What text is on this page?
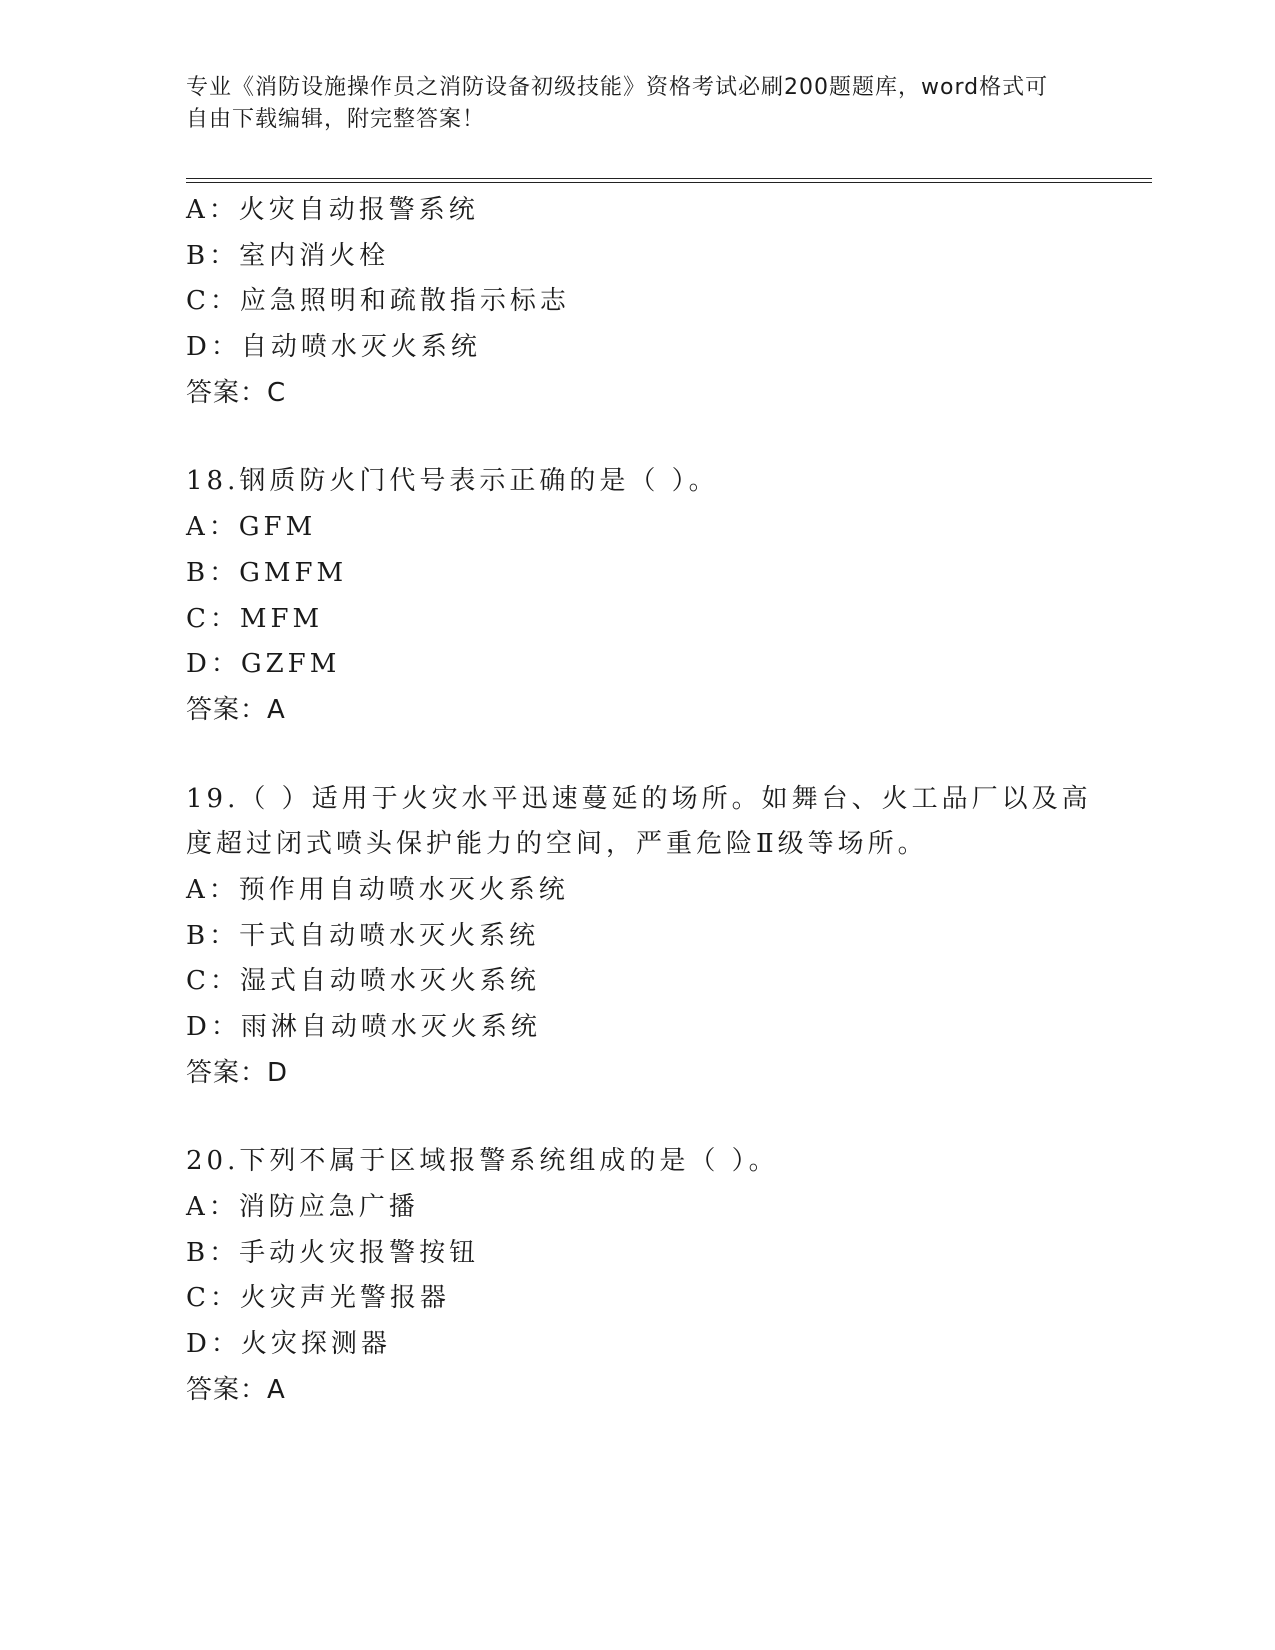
专业《消防设施操作员之消防设备初级技能》资格考试必刷200题题库，word格式可自由下载编辑，附完整答案！
A：火灾自动报警系统
B：室内消火栓
C：应急照明和疏散指示标志
D：自动喷水灭火系统
答案：C
18.钢质防火门代号表示正确的是（ ）。
A：GFM
B：GMFM
C：MFM
D：GZFM
答案：A
19.（ ）适用于火灾水平迅速蔓延的场所。如舞台、火工品厂以及高
度超过闭式喷头保护能力的空间，严重危险Ⅱ级等场所。
A：预作用自动喷水灭火系统
B：干式自动喷水灭火系统
C：湿式自动喷水灭火系统
D：雨淋自动喷水灭火系统
答案：D
20.下列不属于区域报警系统组成的是（ ）。
A：消防应急广播
B：手动火灾报警按钮
C：火灾声光警报器
D：火灾探测器
答案：A
